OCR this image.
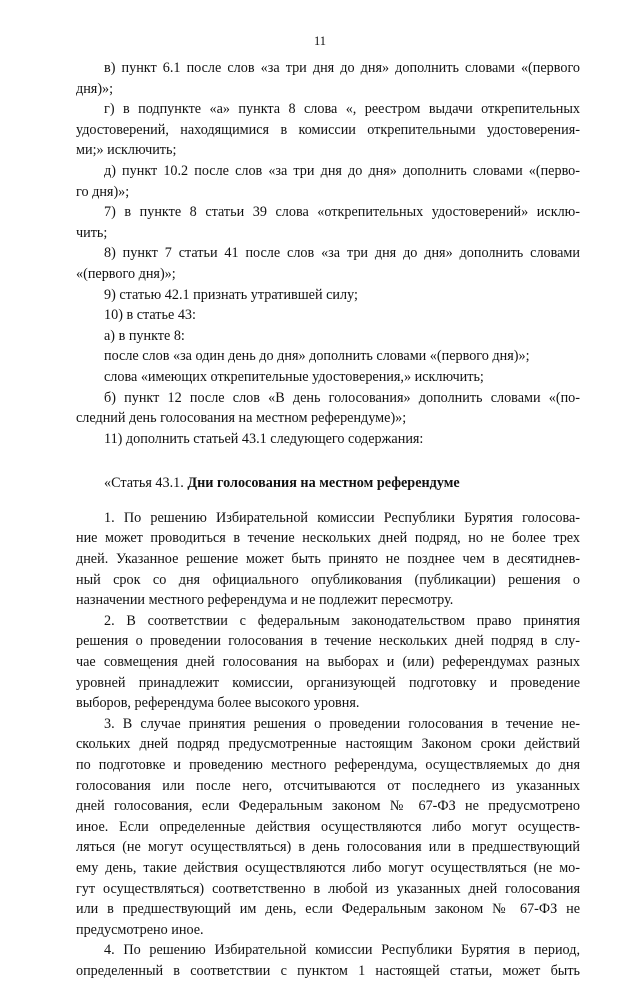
11
в) пункт 6.1 после слов «за три дня до дня» дополнить словами «(первого
дня)»;
г) в подпункте «а» пункта 8 слова «, реестром выдачи открепительных
удостоверений, находящимися в комиссии открепительными удостоверения-
ми;» исключить;
д) пункт 10.2 после слов «за три дня до дня» дополнить словами «(перво-
го дня)»;
7) в пункте 8 статьи 39 слова «открепительных удостоверений» исклю-
чить;
8) пункт 7 статьи 41 после слов «за три дня до дня» дополнить словами
«(первого дня)»;
9) статью 42.1 признать утратившей силу;
10) в статье 43:
а) в пункте 8:
после слов «за один день до дня» дополнить словами «(первого дня)»;
слова «имеющих открепительные удостоверения,» исключить;
б) пункт 12 после слов «В день голосования» дополнить словами «(по-
следний день голосования на местном референдуме)»;
11) дополнить статьей 43.1 следующего содержания:
«Статья 43.1. Дни голосования на местном референдуме
1. По решению Избирательной комиссии Республики Бурятия голосова-
ние может проводиться в течение нескольких дней подряд, но не более трех
дней. Указанное решение может быть принято не позднее чем в десятиднев-
ный срок со дня официального опубликования (публикации) решения о
назначении местного референдума и не подлежит пересмотру.
2. В соответствии с федеральным законодательством право принятия
решения о проведении голосования в течение нескольких дней подряд в слу-
чае совмещения дней голосования на выборах и (или) референдумах разных
уровней принадлежит комиссии, организующей подготовку и проведение
выборов, референдума более высокого уровня.
3. В случае принятия решения о проведении голосования в течение не-
скольких дней подряд предусмотренные настоящим Законом сроки действий
по подготовке и проведению местного референдума, осуществляемых до дня
голосования или после него, отсчитываются от последнего из указанных
дней голосования, если Федеральным законом № 67-ФЗ не предусмотрено
иное. Если определенные действия осуществляются либо могут осуществ-
ляться (не могут осуществляться) в день голосования или в предшествующий
ему день, такие действия осуществляются либо могут осуществляться (не мо-
гут осуществляться) соответственно в любой из указанных дней голосования
или в предшествующий им день, если Федеральным законом № 67-ФЗ не
предусмотрено иное.
4. По решению Избирательной комиссии Республики Бурятия в период,
определенный в соответствии с пунктом 1 настоящей статьи, может быть
